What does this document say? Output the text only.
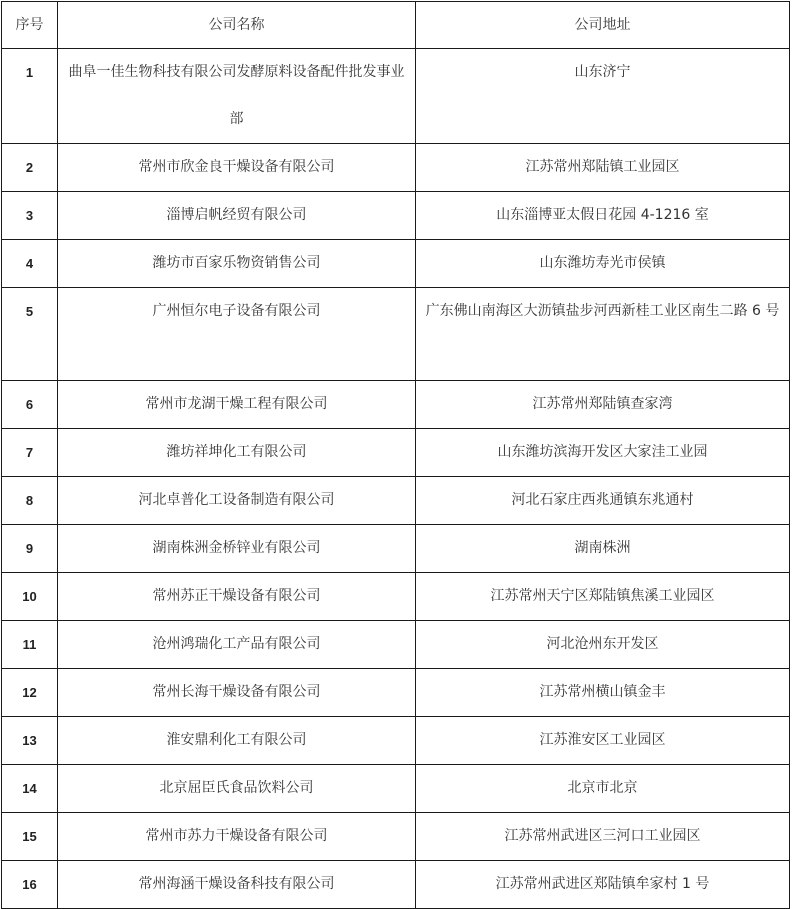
序号	公司名称	公司地址
1	曲阜一佳生物科技有限公司发酵原料设备配件批发事业部	山东济宁
2	常州市欣金良干燥设备有限公司	江苏常州郑陆镇工业园区
3	淄博启帆经贸有限公司	山东淄博亚太假日花园 4-1216 室
4	潍坊市百家乐物资销售公司	山东潍坊寿光市侯镇
5	广州恒尔电子设备有限公司	广东佛山南海区大沥镇盐步河西新桂工业区南生二路 6 号
6	常州市龙湖干燥工程有限公司	江苏常州郑陆镇查家湾
7	潍坊祥坤化工有限公司	山东潍坊滨海开发区大家洼工业园
8	河北卓普化工设备制造有限公司	河北石家庄西兆通镇东兆通村
9	湖南株洲金桥锌业有限公司	湖南株洲
10	常州苏正干燥设备有限公司	江苏常州天宁区郑陆镇焦溪工业园区
11	沧州鸿瑞化工产品有限公司	河北沧州东开发区
12	常州长海干燥设备有限公司	江苏常州横山镇金丰
13	淮安鼎利化工有限公司	江苏淮安区工业园区
14	北京屈臣氏食品饮料公司	北京市北京
15	常州市苏力干燥设备有限公司	江苏常州武进区三河口工业园区
16	常州海涵干燥设备科技有限公司	江苏常州武进区郑陆镇牟家村 1 号
